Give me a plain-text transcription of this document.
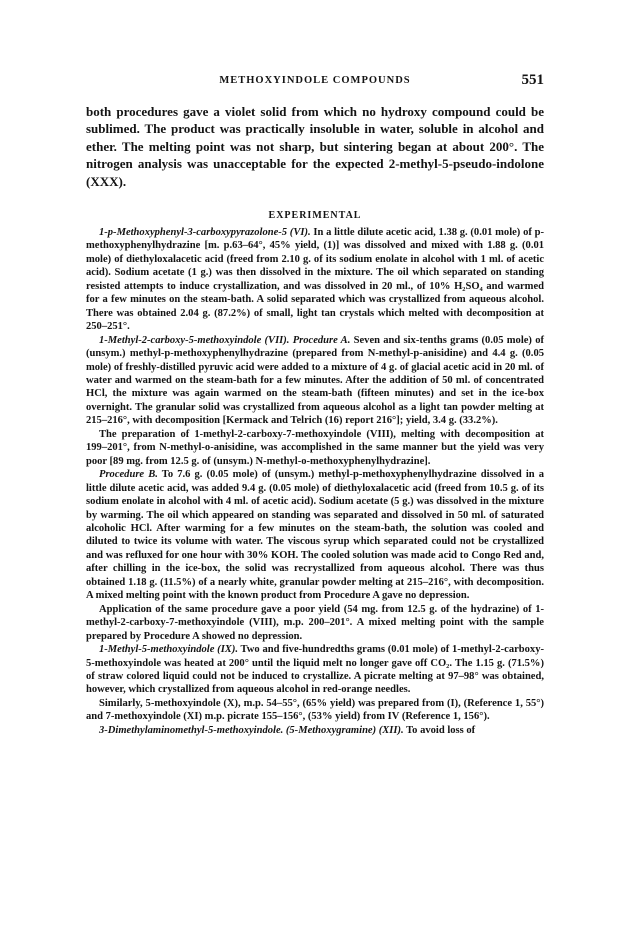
METHOXYINDOLE COMPOUNDS	551

both procedures gave a violet solid from which no hydroxy compound could be sublimed. The product was practically insoluble in water, soluble in alcohol and ether. The melting point was not sharp, but sintering began at about 200°. The nitrogen analysis was unacceptable for the expected 2-methyl-5-pseudo-indolone (XXX).

EXPERIMENTAL

1-p-Methoxyphenyl-3-carboxypyrazolone-5 (VI). In a little dilute acetic acid, 1.38 g. (0.01 mole) of p-methoxyphenylhydrazine [m. p.63–64°, 45% yield, (1)] was dissolved and mixed with 1.88 g. (0.01 mole) of diethyloxalacetic acid (freed from 2.10 g. of its sodium enolate in alcohol with 1 ml. of acetic acid). Sodium acetate (1 g.) was then dissolved in the mixture. The oil which separated on standing resisted attempts to induce crystallization, and was dissolved in 20 ml., of 10% H₂SO₄ and warmed for a few minutes on the steam-bath. A solid separated which was crystallized from aqueous alcohol. There was obtained 2.04 g. (87.2%) of small, light tan crystals which melted with decomposition at 250–251°.

1-Methyl-2-carboxy-5-methoxyindole (VII). Procedure A. Seven and six-tenths grams (0.05 mole) of (unsym.) methyl-p-methoxyphenylhydrazine (prepared from N-methyl-p-anisidine) and 4.4 g. (0.05 mole) of freshly-distilled pyruvic acid were added to a mixture of 4 g. of glacial acetic acid in 20 ml. of water and warmed on the steam-bath for a few minutes. After the addition of 50 ml. of concentrated HCl, the mixture was again warmed on the steam-bath (fifteen minutes) and set in the ice-box overnight. The granular solid was crystallized from aqueous alcohol as a light tan powder melting at 215–216°, with decomposition [Kermack and Telrich (16) report 216°]; yield, 3.4 g. (33.2%).

The preparation of 1-methyl-2-carboxy-7-methoxyindole (VIII), melting with decomposition at 199–201°, from N-methyl-o-anisidine, was accomplished in the same manner but the yield was very poor [89 mg. from 12.5 g. of (unsym.) N-methyl-o-methoxyphenylhydrazine].

Procedure B. To 7.6 g. (0.05 mole) of (unsym.) methyl-p-methoxyphenylhydrazine dissolved in a little dilute acetic acid, was added 9.4 g. (0.05 mole) of diethyloxalacetic acid (freed from 10.5 g. of its sodium enolate in alcohol with 4 ml. of acetic acid). Sodium acetate (5 g.) was dissolved in the mixture by warming. The oil which appeared on standing was separated and dissolved in 50 ml. of saturated alcoholic HCl. After warming for a few minutes on the steam-bath, the solution was cooled and diluted to twice its volume with water. The viscous syrup which separated could not be crystallized and was refluxed for one hour with 30% KOH. The cooled solution was made acid to Congo Red and, after chilling in the ice-box, the solid was recrystallized from aqueous alcohol. There was thus obtained 1.18 g. (11.5%) of a nearly white, granular powder melting at 215–216°, with decomposition. A mixed melting point with the known product from Procedure A gave no depression.

Application of the same procedure gave a poor yield (54 mg. from 12.5 g. of the hydrazine) of 1-methyl-2-carboxy-7-methoxyindole (VIII), m.p. 200–201°. A mixed melting point with the sample prepared by Procedure A showed no depression.

1-Methyl-5-methoxyindole (IX). Two and five-hundredths grams (0.01 mole) of 1-methyl-2-carboxy-5-methoxyindole was heated at 200° until the liquid melt no longer gave off CO₂. The 1.15 g. (71.5%) of straw colored liquid could not be induced to crystallize. A picrate melting at 97–98° was obtained, however, which crystallized from aqueous alcohol in red-orange needles.

Similarly, 5-methoxyindole (X), m.p. 54–55°, (65% yield) was prepared from (I), (Reference 1, 55°) and 7-methoxyindole (XI) m.p. picrate 155–156°, (53% yield) from IV (Reference 1, 156°).

3-Dimethylaminomethyl-5-methoxyindole. (5-Methoxygramine) (XII). To avoid loss of
